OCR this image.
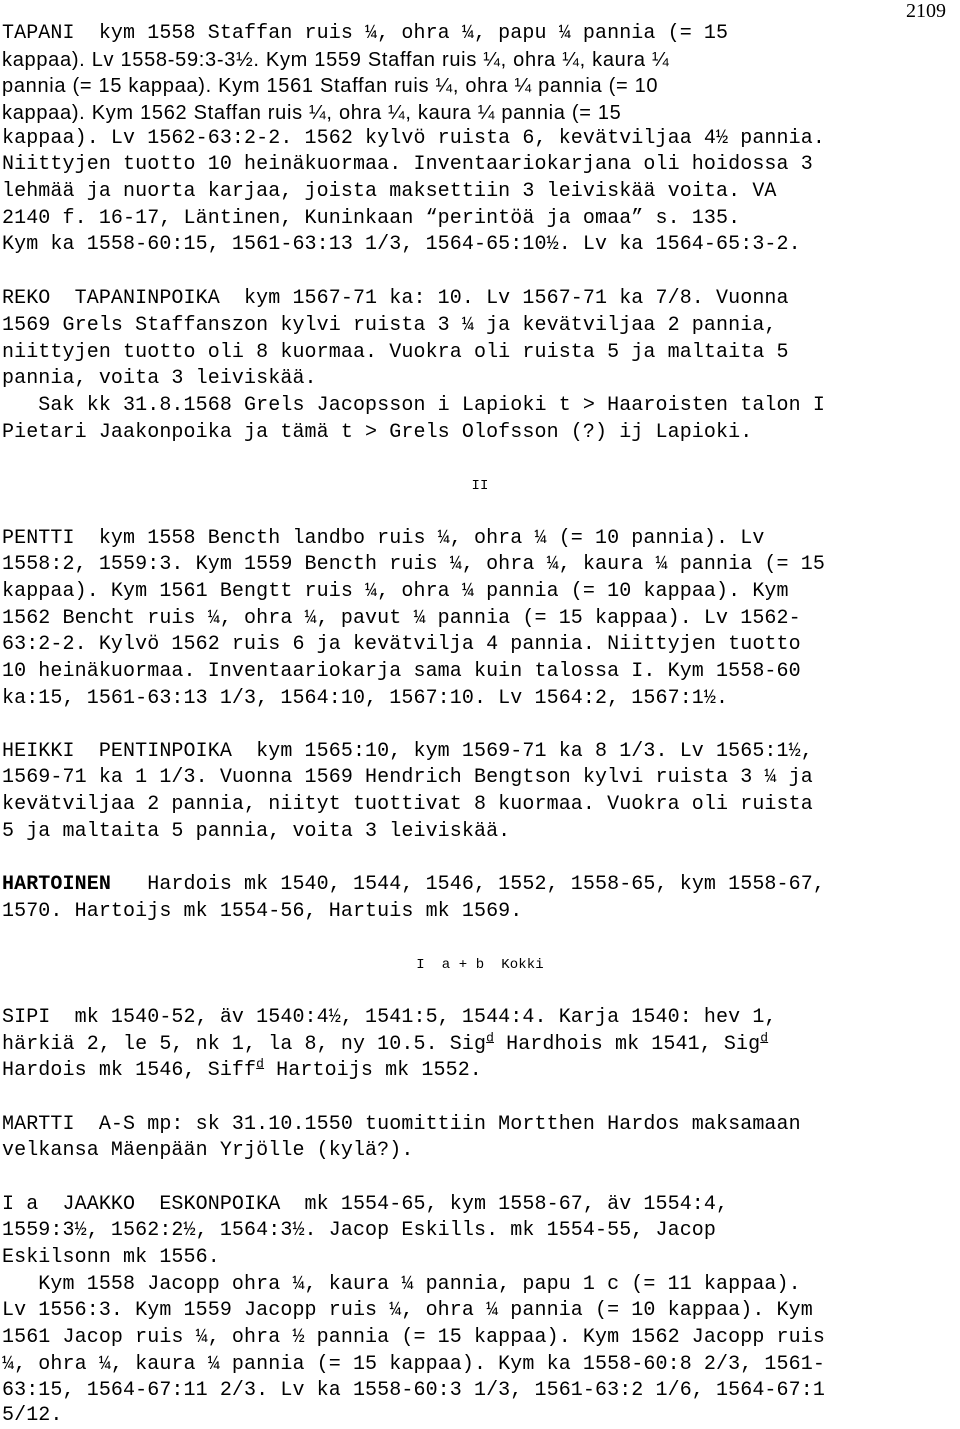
2109
TAPANI  kym 1558 Staffan ruis ¼, ohra ¼, papu ¼ pannia (= 15
kappaa). Lv 1558-59:3-3½. Kym 1559 Staffan ruis ¼, ohra ¼, kaura ¼
pannia (= 15 kappaa). Kym 1561 Staffan ruis ¼, ohra ¼ pannia (= 10
kappaa). Kym 1562 Staffan ruis ¼, ohra ¼, kaura ¼ pannia (= 15
kappaa). Lv 1562-63:2-2. 1562 kylvö ruista 6, kevätviljaa 4½ pannia.
Niittyjen tuotto 10 heinäkuormaa. Inventaariokarjana oli hoidossa 3
lehmää ja nuorta karjaa, joista maksettiin 3 leiviskää voita. VA
2140 f. 16-17, Läntinen, Kuninkaan “perintöä ja omaa” s. 135.
Kym ka 1558-60:15, 1561-63:13 1/3, 1564-65:10½. Lv ka 1564-65:3-2.
REKO  TAPANINPOIKA  kym 1567-71 ka: 10. Lv 1567-71 ka 7/8. Vuonna
1569 Grels Staffanszon kylvi ruista 3 ¼ ja kevätviljaa 2 pannia,
niittyjen tuotto oli 8 kuormaa. Vuokra oli ruista 5 ja maltaita 5
pannia, voita 3 leiviskää.
Sak kk 31.8.1568 Grels Jacopsson i Lapioki t > Haaroisten talon I
Pietari Jaakonpoika ja tämä t > Grels Olofsson (?) ij Lapioki.
II
PENTTI  kym 1558 Bencth landbo ruis ¼, ohra ¼ (= 10 pannia). Lv
1558:2, 1559:3. Kym 1559 Bencth ruis ¼, ohra ¼, kaura ¼ pannia (= 15
kappaa). Kym 1561 Bengtt ruis ¼, ohra ¼ pannia (= 10 kappaa). Kym
1562 Bencht ruis ¼, ohra ¼, pavut ¼ pannia (= 15 kappaa). Lv 1562-
63:2-2. Kylvö 1562 ruis 6 ja kevätvilja 4 pannia. Niittyjen tuotto
10 heinäkuormaa. Inventaariokarja sama kuin talossa I. Kym 1558-60
ka:15, 1561-63:13 1/3, 1564:10, 1567:10. Lv 1564:2, 1567:1½.
HEIKKI  PENTINPOIKA  kym 1565:10, kym 1569-71 ka 8 1/3. Lv 1565:1½,
1569-71 ka 1 1/3. Vuonna 1569 Hendrich Bengtson kylvi ruista 3 ¼ ja
kevätviljaa 2 pannia, niityt tuottivat 8 kuormaa. Vuokra oli ruista
5 ja maltaita 5 pannia, voita 3 leiviskää.
HARTOINEN   Hardois mk 1540, 1544, 1546, 1552, 1558-65, kym 1558-67,
1570. Hartoijs mk 1554-56, Hartuis mk 1569.
I  a + b  Kokki
SIPI  mk 1540-52, äv 1540:4½, 1541:5, 1544:4. Karja 1540: hev 1,
härkiä 2, le 5, nk 1, la 8, ny 10.5. Sig$^d$ Hardhois mk 1541, Sig$^d$
Hardois mk 1546, Siff$^d$ Hartoijs mk 1552.
MARTTI  A-S mp: sk 31.10.1550 tuomittiin Mortthen Hardos maksamaan
velkansa Mäenpään Yrjölle (kylä?).
I a  JAAKKO  ESKONPOIKA  mk 1554-65, kym 1558-67, äv 1554:4,
1559:3½, 1562:2½, 1564:3½. Jacop Eskills. mk 1554-55, Jacop
Eskilsonn mk 1556.
Kym 1558 Jacopp ohra ¼, kaura ¼ pannia, papu 1 c (= 11 kappaa).
Lv 1556:3. Kym 1559 Jacopp ruis ¼, ohra ¼ pannia (= 10 kappaa). Kym
1561 Jacop ruis ¼, ohra ½ pannia (= 15 kappaa). Kym 1562 Jacopp ruis
¼, ohra ¼, kaura ¼ pannia (= 15 kappaa). Kym ka 1558-60:8 2/3, 1561-
63:15, 1564-67:11 2/3. Lv ka 1558-60:3 1/3, 1561-63:2 1/6, 1564-67:1
5/12.
